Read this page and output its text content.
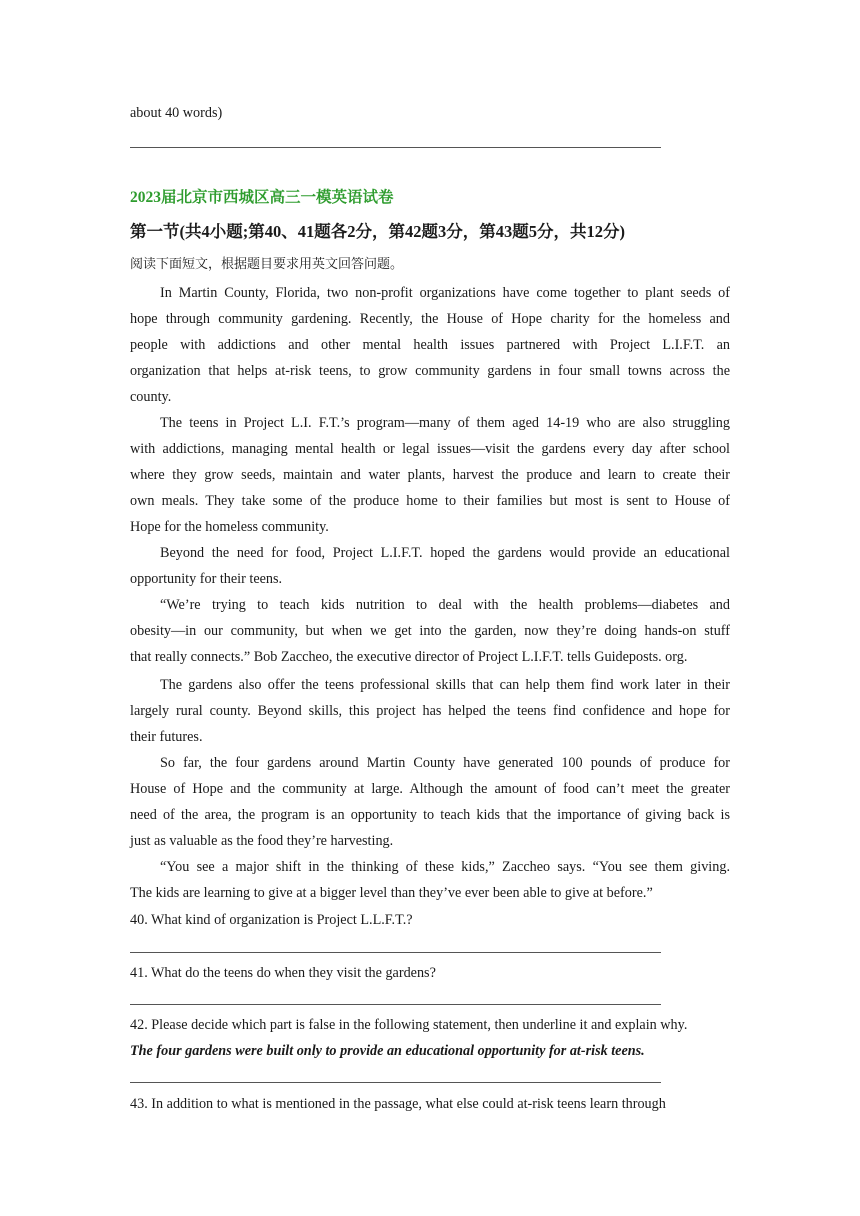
about 40 words)
2023届北京市西城区高三一模英语试卷
第一节(共4小题;第40、41题各2分，第42题3分，第43题5分，共12分)
阅读下面短文，根据题目要求用英文回答问题。
In Martin County, Florida, two non-profit organizations have come together to plant seeds of
hope through community gardening. Recently, the House of Hope charity for the homeless and
people with addictions and other mental health issues partnered with Project L.I.F.T. an
organization that helps at-risk teens, to grow community gardens in four small towns across the
county.
The teens in Project L.I. F.T.’s program—many of them aged 14-19 who are also struggling
with addictions, managing mental health or legal issues—visit the gardens every day after school
where they grow seeds, maintain and water plants, harvest the produce and learn to create their
own meals. They take some of the produce home to their families but most is sent to House of
Hope for the homeless community.
Beyond the need for food, Project L.I.F.T. hoped the gardens would provide an educational
opportunity for their teens.
“We’re trying to teach kids nutrition to deal with the health problems—diabetes and
obesity—in our community, but when we get into the garden, now they’re doing hands-on stuff
that really connects.” Bob Zaccheo, the executive director of Project L.I.F.T. tells Guideposts. org.
The gardens also offer the teens professional skills that can help them find work later in their
largely rural county. Beyond skills, this project has helped the teens find confidence and hope for
their futures.
So far, the four gardens around Martin County have generated 100 pounds of produce for
House of Hope and the community at large. Although the amount of food can’t meet the greater
need of the area, the program is an opportunity to teach kids that the importance of giving back is
just as valuable as the food they’re harvesting.
“You see a major shift in the thinking of these kids,” Zaccheo says. “You see them giving.
The kids are learning to give at a bigger level than they’ve ever been able to give at before.”
40. What kind of organization is Project L.L.F.T.?
41. What do the teens do when they visit the gardens?
42. Please decide which part is false in the following statement, then underline it and explain why.
The four gardens were built only to provide an educational opportunity for at-risk teens.
43. In addition to what is mentioned in the passage, what else could at-risk teens learn through
